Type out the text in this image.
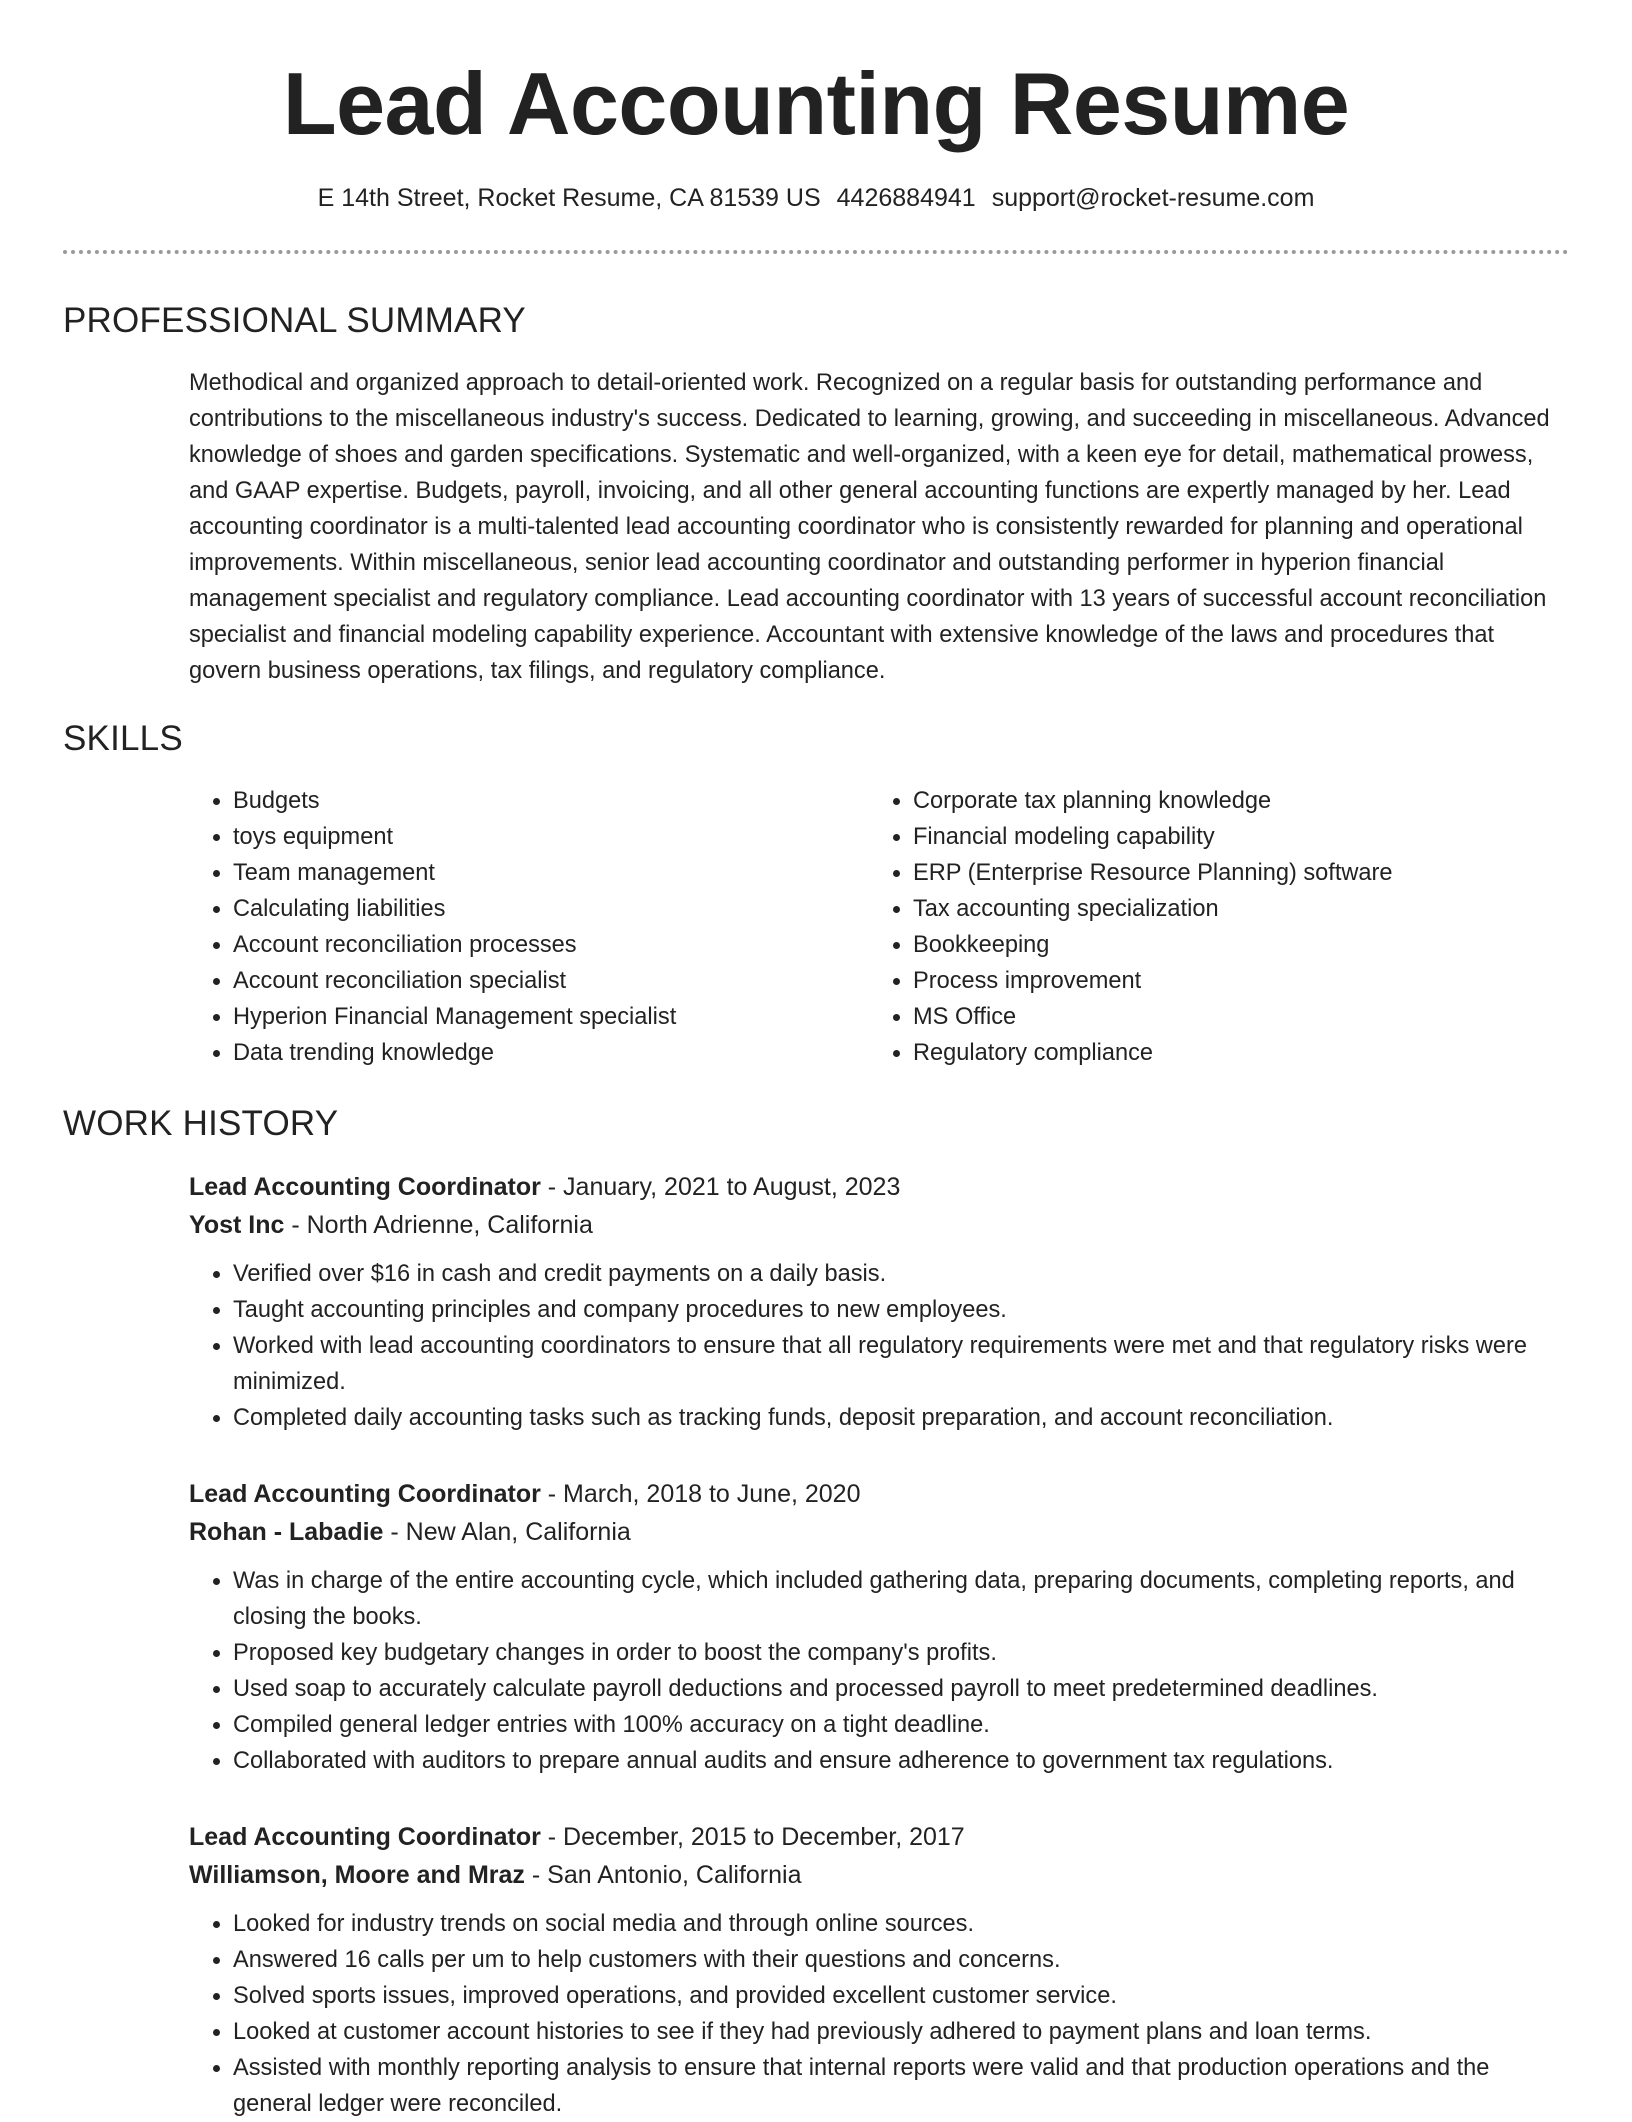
Lead Accounting Resume
E 14th Street, Rocket Resume, CA 81539 US 4426884941 support@rocket-resume.com
PROFESSIONAL SUMMARY

Methodical and organized approach to detail-oriented work. Recognized on a regular basis for outstanding performance and contributions to the miscellaneous industry's success. Dedicated to learning, growing, and succeeding in miscellaneous. Advanced knowledge of shoes and garden specifications. Systematic and well-organized, with a keen eye for detail, mathematical prowess, and GAAP expertise. Budgets, payroll, invoicing, and all other general accounting functions are expertly managed by her. Lead accounting coordinator is a multi-talented lead accounting coordinator who is consistently rewarded for planning and operational improvements. Within miscellaneous, senior lead accounting coordinator and outstanding performer in hyperion financial management specialist and regulatory compliance. Lead accounting coordinator with 13 years of successful account reconciliation specialist and financial modeling capability experience. Accountant with extensive knowledge of the laws and procedures that govern business operations, tax filings, and regulatory compliance.

SKILLS
• Budgets
• toys equipment
• Team management
• Calculating liabilities
• Account reconciliation processes
• Account reconciliation specialist
• Hyperion Financial Management specialist
• Data trending knowledge
• Corporate tax planning knowledge
• Financial modeling capability
• ERP (Enterprise Resource Planning) software
• Tax accounting specialization
• Bookkeeping
• Process improvement
• MS Office
• Regulatory compliance
WORK HISTORY

Lead Accounting Coordinator - January, 2021 to August, 2023

Yost Inc - North Adrienne, California

• Verified over $16 in cash and credit payments on a daily basis.
• Taught accounting principles and company procedures to new employees.
• Worked with lead accounting coordinators to ensure that all regulatory requirements were met and that regulatory risks were minimized.
• Completed daily accounting tasks such as tracking funds, deposit preparation, and account reconciliation.

Lead Accounting Coordinator - March, 2018 to June, 2020

Rohan - Labadie - New Alan, California

• Was in charge of the entire accounting cycle, which included gathering data, preparing documents, completing reports, and closing the books.
• Proposed key budgetary changes in order to boost the company's profits.
• Used soap to accurately calculate payroll deductions and processed payroll to meet predetermined deadlines.
• Compiled general ledger entries with 100% accuracy on a tight deadline.
• Collaborated with auditors to prepare annual audits and ensure adherence to government tax regulations.

Lead Accounting Coordinator - December, 2015 to December, 2017

Williamson, Moore and Mraz - San Antonio, California

• Looked for industry trends on social media and through online sources.
• Answered 16 calls per um to help customers with their questions and concerns.
• Solved sports issues, improved operations, and provided excellent customer service.
• Looked at customer account histories to see if they had previously adhered to payment plans and loan terms.
• Assisted with monthly reporting analysis to ensure that internal reports were valid and that production operations and the general ledger were reconciled.
